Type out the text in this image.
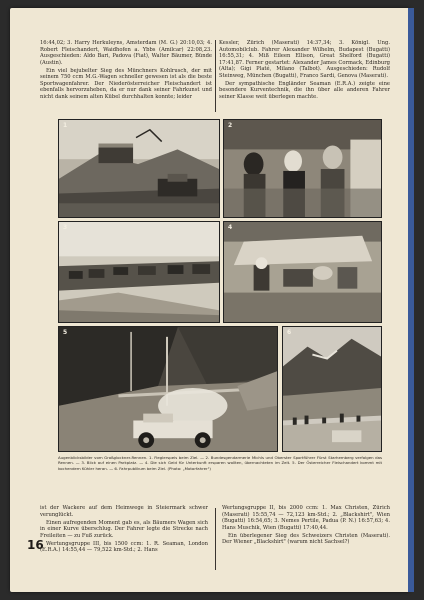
16:44,02; 3. Harry Herkuleyns, Amsterdam (M. G.) 20:10,03; 4. Robert Fleischandert, Waidhofen a. Ybbs (Amilcar) 22:08,23. Ausgeschieden: Aldo Bari, Padova (Fiat), Walter Bäumer, Bünde (Austin).

Ein viel bejubelter Sieg des Münchners Kohlrusch, der mit seinem 750 ccm M.G.-Wagen schneller gewesen ist als die beste Sportwagenfahrer. Der Niederösterreicher Fleischandert ist ebenfalls hervorzuheben, da er nur dank seiner Fahrkunst und nicht dank seinem alten Kübel durchhalten konnte; leider

Kessler, Zürich (Maserati) 14:37,34; 3. Königl. Ung. Automobilclub. Fahrer Alexander Wilhelm, Budapest (Bugatti) 16:55,31; 4. Miß Eileen Ellison, Great Shelford (Bugatti) 17:41,87. Ferner gestartet: Alexander James Cormack, Edinburg (Alta); Gigi Platé, Milano (Talbot). Ausgeschieden: Rudolf Steinweg, München (Bugatti), Franco Sardi, Genova (Maserati).

Der sympathische Engländer Seaman (E.R.A.) zeigte eine besondere Kurventechnik, die ihn über alle anderen Fahrer seiner Klasse weit überlegen machte.

1	2
3	4
5	6
Augenblicksbilder vom Großglockner-Rennen. 1. Fieglerspeis beim Ziel. — 2. Bundesgendarmerie Michls und Oberster Sportführer Fürst Starhemberg verfolgen das Rennen. — 3. Blick auf einen Parkplatz. — 4. Die sich Geld für Unterkunft ersparen wollten, übernachteten im Zelt. 5. Der Österreicher Fleischandert kommt mit kochendem Kühler heran. — 6. Fahrpublikum beim Ziel. (Photo: „Motorfahrer")
16

ist der Wackere auf dem Heimwege in Steiermark schwer verunglückt.

Einen aufregenden Moment gab es, als Bäumers Wagen sich in einer Kurve überschlug. Der Fahrer legte die Strecke nach Freileiten — zu Fuß zurück.

Wertungsgruppe III, bis 1500 ccm: 1. R. Seaman, London (E.R.A.) 14:55,44 — 79,522 km-Std.; 2. Hans

Wertungsgruppe II, bis 2000 ccm: 1. Max Christen, Zürich (Maserati) 15:55,74 — 72,123 km-Std.; 2. „Blackshirt", Wien (Bugatti) 16:54,65; 3. Nemes Pertile, Padua (P. N.) 16:57,63; 4. Hans Muschik, Wien (Bugatti) 17:40,44.

Ein überlegener Sieg des Schweizers Christen (Maserati). Der Wiener „Blackshirt" (warum nicht Sachsel?)
